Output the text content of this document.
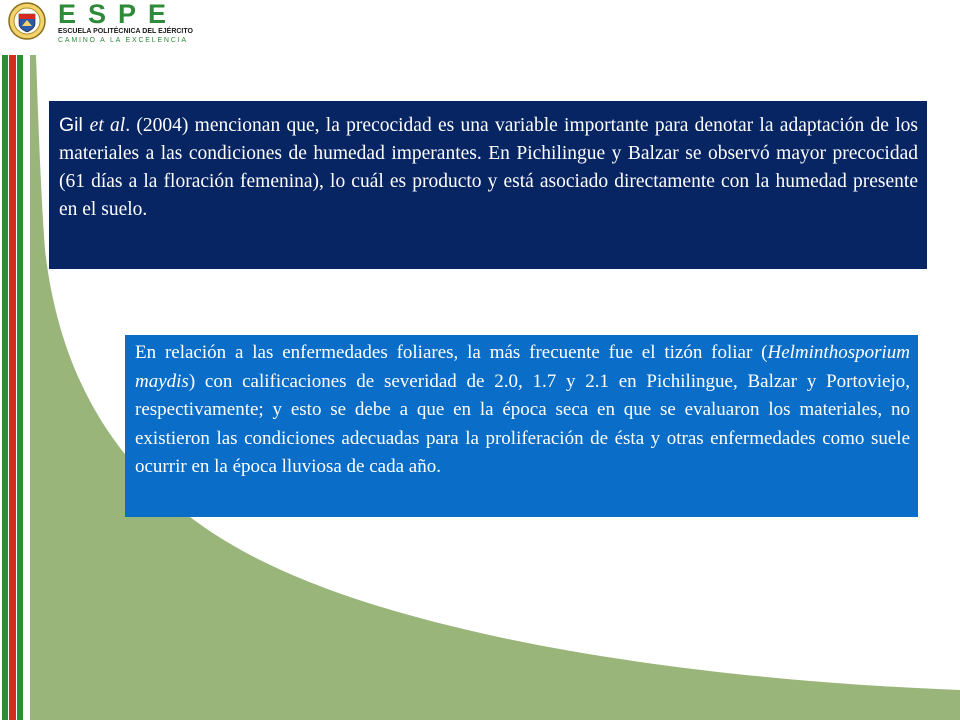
ESPE
ESCUELA POLITÉCNICA DEL EJÉRCITO
CAMINO A LA EXCELENCIA

Gil et al. (2004) mencionan que, la precocidad es una variable importante para denotar la adaptación de los materiales a las condiciones de humedad imperantes. En Pichilingue y Balzar se observó mayor precocidad (61 días a la floración femenina), lo cuál es producto y está asociado directamente con la humedad presente en el suelo.

En relación a las enfermedades foliares, la más frecuente fue el tizón foliar (Helminthosporium maydis) con calificaciones de severidad de 2.0, 1.7 y 2.1 en Pichilingue, Balzar y Portoviejo, respectivamente; y esto se debe a que en la época seca en que se evaluaron los materiales, no existieron las condiciones adecuadas para la proliferación de ésta y otras enfermedades como suele ocurrir en la época lluviosa de cada año.
